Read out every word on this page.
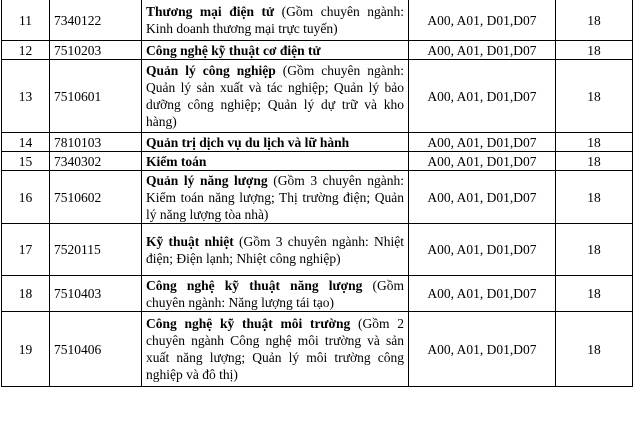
11	7340122	Thương mại điện tử (Gồm chuyên ngành: Kinh doanh thương mại trực tuyến)	A00, A01, D01,D07	18
12	7510203	Công nghệ kỹ thuật cơ điện tử	A00, A01, D01,D07	18
13	7510601	Quản lý công nghiệp (Gồm chuyên ngành: Quản lý sản xuất và tác nghiệp; Quản lý bảo dưỡng công nghiệp; Quản lý dự trữ và kho hàng)	A00, A01, D01,D07	18
14	7810103	Quản trị dịch vụ du lịch và lữ hành	A00, A01, D01,D07	18
15	7340302	Kiểm toán	A00, A01, D01,D07	18
16	7510602	Quản lý năng lượng (Gồm 3 chuyên ngành: Kiểm toán năng lượng; Thị trường điện; Quản lý năng lượng tòa nhà)	A00, A01, D01,D07	18
17	7520115	Kỹ thuật nhiệt (Gồm 3 chuyên ngành: Nhiệt điện; Điện lạnh; Nhiệt công nghiệp)	A00, A01, D01,D07	18
18	7510403	Công nghệ kỹ thuật năng lượng (Gồm chuyên ngành: Năng lượng tái tạo)	A00, A01, D01,D07	18
19	7510406	Công nghệ kỹ thuật môi trường (Gồm 2 chuyên ngành Công nghệ môi trường và sản xuất năng lượng; Quản lý môi trường công nghiệp và đô thị)	A00, A01, D01,D07	18
